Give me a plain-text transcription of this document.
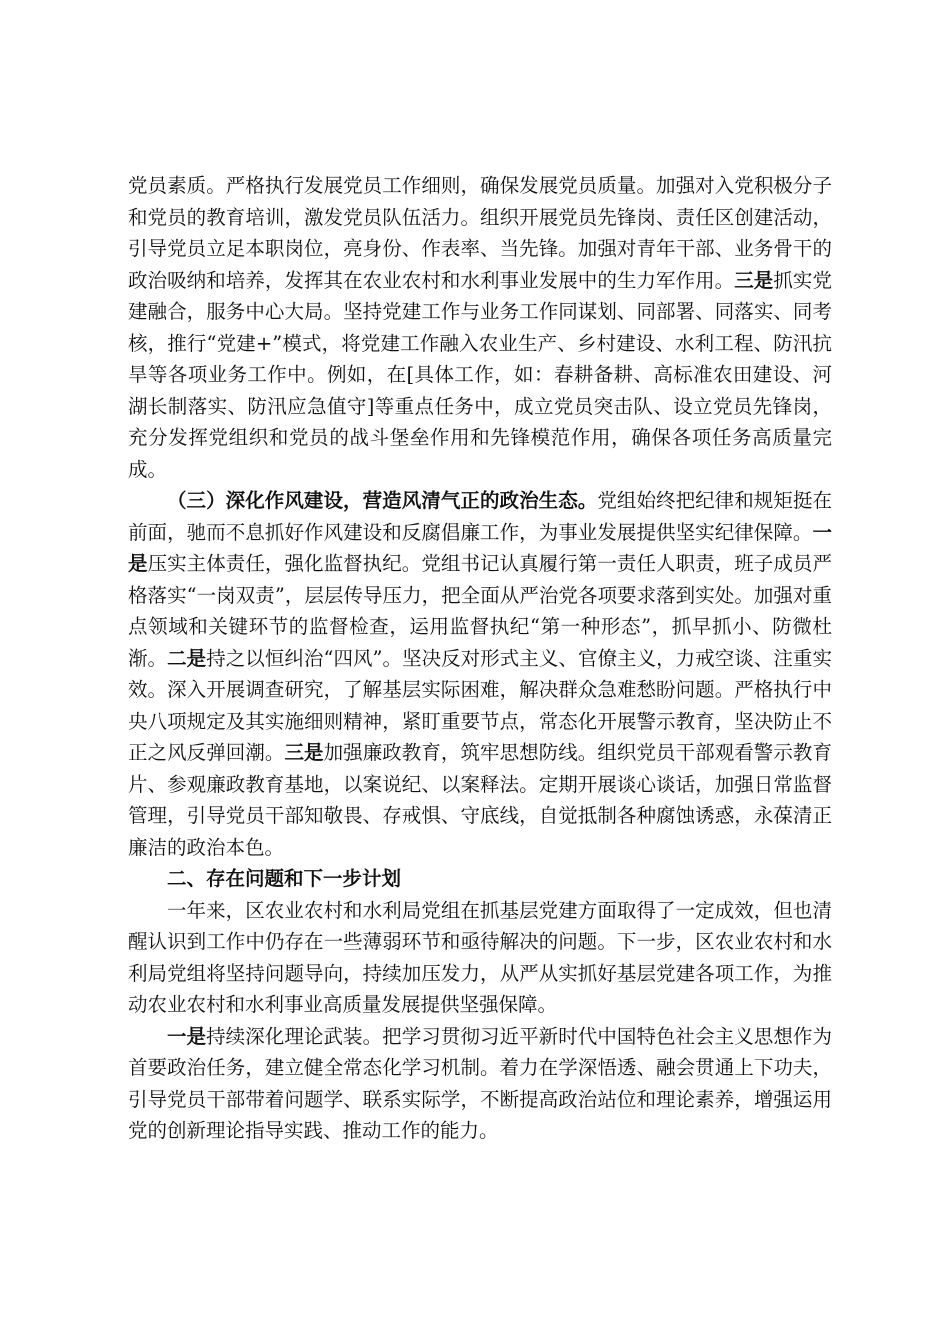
党员素质。严格执行发展党员工作细则，确保发展党员质量。加强对入党积极分子和党员的教育培训，激发党员队伍活力。组织开展党员先锋岗、责任区创建活动，引导党员立足本职岗位，亮身份、作表率、当先锋。加强对青年干部、业务骨干的政治吸纳和培养，发挥其在农业农村和水利事业发展中的生力军作用。三是抓实党建融合，服务中心大局。坚持党建工作与业务工作同谋划、同部署、同落实、同考核，推行“党建+”模式，将党建工作融入农业生产、乡村建设、水利工程、防汛抗旱等各项业务工作中。例如，在[具体工作，如：春耕备耕、高标准农田建设、河湖长制落实、防汛应急值守]等重点任务中，成立党员突击队、设立党员先锋岗，充分发挥党组织和党员的战斗堡垒作用和先锋模范作用，确保各项任务高质量完成。

（三）深化作风建设，营造风清气正的政治生态。党组始终把纪律和规矩挺在前面，驰而不息抓好作风建设和反腐倡廉工作，为事业发展提供坚实纪律保障。一是压实主体责任，强化监督执纪。党组书记认真履行第一责任人职责，班子成员严格落实“一岗双责”，层层传导压力，把全面从严治党各项要求落到实处。加强对重点领域和关键环节的监督检查，运用监督执纪“第一种形态”，抓早抓小、防微杜渐。二是持之以恒纠治“四风”。坚决反对形式主义、官僚主义，力戒空谈、注重实效。深入开展调查研究，了解基层实际困难，解决群众急难愁盼问题。严格执行中央八项规定及其实施细则精神，紧盯重要节点，常态化开展警示教育，坚决防止不正之风反弹回潮。三是加强廉政教育，筑牢思想防线。组织党员干部观看警示教育片、参观廉政教育基地，以案说纪、以案释法。定期开展谈心谈话，加强日常监督管理，引导党员干部知敬畏、存戒惧、守底线，自觉抵制各种腐蚀诱惑，永葆清正廉洁的政治本色。

二、存在问题和下一步计划

一年来，区农业农村和水利局党组在抓基层党建方面取得了一定成效，但也清醒认识到工作中仍存在一些薄弱环节和亟待解决的问题。下一步，区农业农村和水利局党组将坚持问题导向，持续加压发力，从严从实抓好基层党建各项工作，为推动农业农村和水利事业高质量发展提供坚强保障。

一是持续深化理论武装。把学习贯彻习近平新时代中国特色社会主义思想作为首要政治任务，建立健全常态化学习机制。着力在学深悟透、融会贯通上下功夫，引导党员干部带着问题学、联系实际学，不断提高政治站位和理论素养，增强运用党的创新理论指导实践、推动工作的能力。
